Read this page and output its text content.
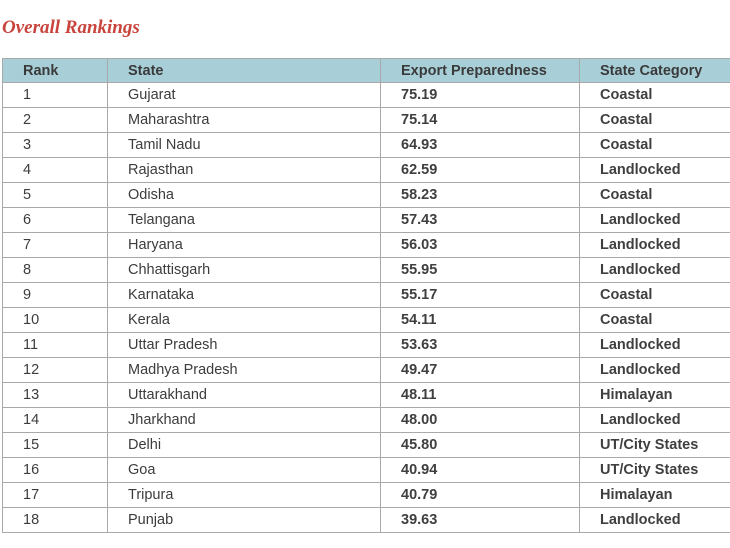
Overall Rankings
Rank	State	Export Preparedness	State Category
1	Gujarat	75.19	Coastal
2	Maharashtra	75.14	Coastal
3	Tamil Nadu	64.93	Coastal
4	Rajasthan	62.59	Landlocked
5	Odisha	58.23	Coastal
6	Telangana	57.43	Landlocked
7	Haryana	56.03	Landlocked
8	Chhattisgarh	55.95	Landlocked
9	Karnataka	55.17	Coastal
10	Kerala	54.11	Coastal
11	Uttar Pradesh	53.63	Landlocked
12	Madhya Pradesh	49.47	Landlocked
13	Uttarakhand	48.11	Himalayan
14	Jharkhand	48.00	Landlocked
15	Delhi	45.80	UT/City States
16	Goa	40.94	UT/City States
17	Tripura	40.79	Himalayan
18	Punjab	39.63	Landlocked
